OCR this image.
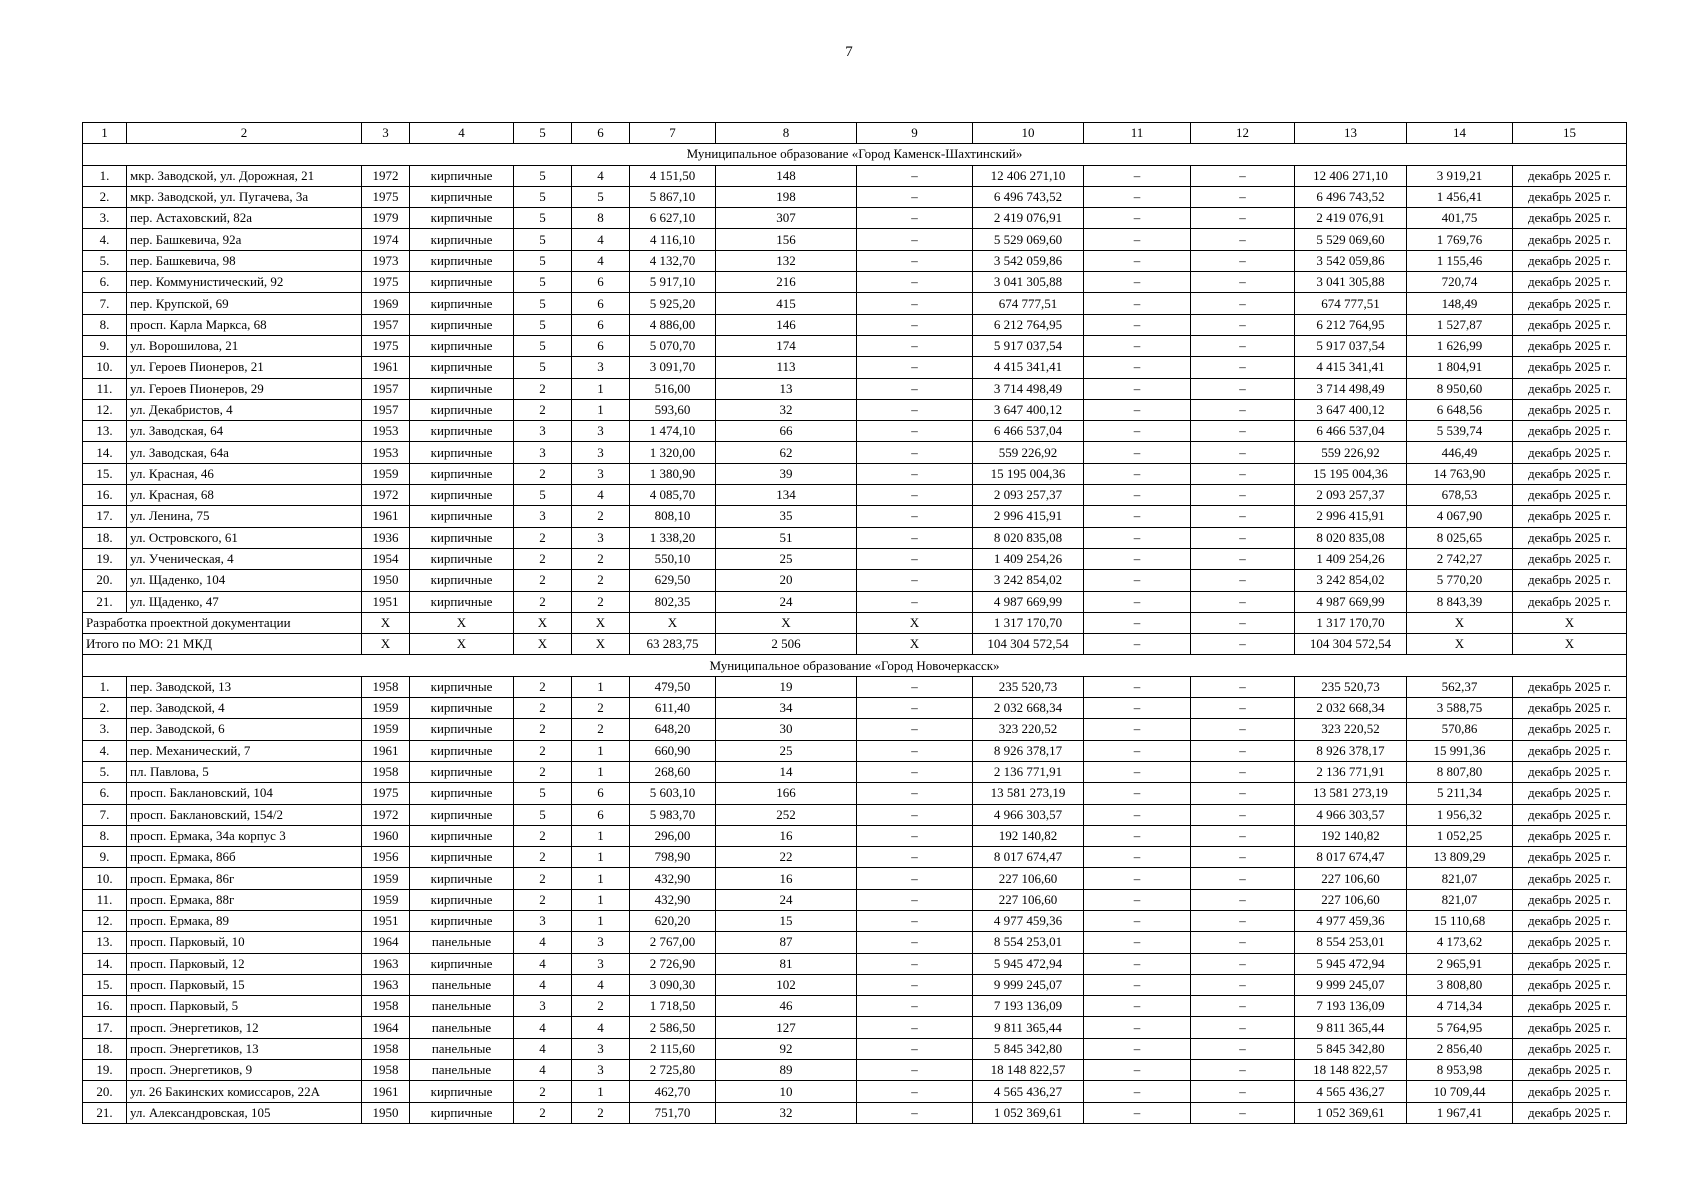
7
1	2	3	4	5	6	7	8	9	10	11	12	13	14	15
Муниципальное образование «Город Каменск-Шахтинский»														
1.	мкр. Заводской, ул. Дорожная, 21	1972	кирпичные	5	4	4 151,50	148	–	12 406 271,10	–	–	12 406 271,10	3 919,21	декабрь 2025 г.
2.	мкр. Заводской, ул. Пугачева, 3а	1975	кирпичные	5	5	5 867,10	198	–	6 496 743,52	–	–	6 496 743,52	1 456,41	декабрь 2025 г.
3.	пер. Астаховский, 82а	1979	кирпичные	5	8	6 627,10	307	–	2 419 076,91	–	–	2 419 076,91	401,75	декабрь 2025 г.
4.	пер. Башкевича, 92а	1974	кирпичные	5	4	4 116,10	156	–	5 529 069,60	–	–	5 529 069,60	1 769,76	декабрь 2025 г.
5.	пер. Башкевича, 98	1973	кирпичные	5	4	4 132,70	132	–	3 542 059,86	–	–	3 542 059,86	1 155,46	декабрь 2025 г.
6.	пер. Коммунистический, 92	1975	кирпичные	5	6	5 917,10	216	–	3 041 305,88	–	–	3 041 305,88	720,74	декабрь 2025 г.
7.	пер. Крупской, 69	1969	кирпичные	5	6	5 925,20	415	–	674 777,51	–	–	674 777,51	148,49	декабрь 2025 г.
8.	просп. Карла Маркса, 68	1957	кирпичные	5	6	4 886,00	146	–	6 212 764,95	–	–	6 212 764,95	1 527,87	декабрь 2025 г.
9.	ул. Ворошилова, 21	1975	кирпичные	5	6	5 070,70	174	–	5 917 037,54	–	–	5 917 037,54	1 626,99	декабрь 2025 г.
10.	ул. Героев Пионеров, 21	1961	кирпичные	5	3	3 091,70	113	–	4 415 341,41	–	–	4 415 341,41	1 804,91	декабрь 2025 г.
11.	ул. Героев Пионеров, 29	1957	кирпичные	2	1	516,00	13	–	3 714 498,49	–	–	3 714 498,49	8 950,60	декабрь 2025 г.
12.	ул. Декабристов, 4	1957	кирпичные	2	1	593,60	32	–	3 647 400,12	–	–	3 647 400,12	6 648,56	декабрь 2025 г.
13.	ул. Заводская, 64	1953	кирпичные	3	3	1 474,10	66	–	6 466 537,04	–	–	6 466 537,04	5 539,74	декабрь 2025 г.
14.	ул. Заводская, 64а	1953	кирпичные	3	3	1 320,00	62	–	559 226,92	–	–	559 226,92	446,49	декабрь 2025 г.
15.	ул. Красная, 46	1959	кирпичные	2	3	1 380,90	39	–	15 195 004,36	–	–	15 195 004,36	14 763,90	декабрь 2025 г.
16.	ул. Красная, 68	1972	кирпичные	5	4	4 085,70	134	–	2 093 257,37	–	–	2 093 257,37	678,53	декабрь 2025 г.
17.	ул. Ленина, 75	1961	кирпичные	3	2	808,10	35	–	2 996 415,91	–	–	2 996 415,91	4 067,90	декабрь 2025 г.
18.	ул. Островского, 61	1936	кирпичные	2	3	1 338,20	51	–	8 020 835,08	–	–	8 020 835,08	8 025,65	декабрь 2025 г.
19.	ул. Ученическая, 4	1954	кирпичные	2	2	550,10	25	–	1 409 254,26	–	–	1 409 254,26	2 742,27	декабрь 2025 г.
20.	ул. Щаденко, 104	1950	кирпичные	2	2	629,50	20	–	3 242 854,02	–	–	3 242 854,02	5 770,20	декабрь 2025 г.
21.	ул. Щаденко, 47	1951	кирпичные	2	2	802,35	24	–	4 987 669,99	–	–	4 987 669,99	8 843,39	декабрь 2025 г.
Разработка проектной документации		X	X	X	X	X	X	X	1 317 170,70	–	–	1 317 170,70	X	X
Итого по МО: 21 МКД		X	X	X	X	63 283,75	2 506	X	104 304 572,54	–	–	104 304 572,54	X	X
Муниципальное образование «Город Новочеркасск»														
1.	пер. Заводской, 13	1958	кирпичные	2	1	479,50	19	–	235 520,73	–	–	235 520,73	562,37	декабрь 2025 г.
2.	пер. Заводской, 4	1959	кирпичные	2	2	611,40	34	–	2 032 668,34	–	–	2 032 668,34	3 588,75	декабрь 2025 г.
3.	пер. Заводской, 6	1959	кирпичные	2	2	648,20	30	–	323 220,52	–	–	323 220,52	570,86	декабрь 2025 г.
4.	пер. Механический, 7	1961	кирпичные	2	1	660,90	25	–	8 926 378,17	–	–	8 926 378,17	15 991,36	декабрь 2025 г.
5.	пл. Павлова, 5	1958	кирпичные	2	1	268,60	14	–	2 136 771,91	–	–	2 136 771,91	8 807,80	декабрь 2025 г.
6.	просп. Баклановский, 104	1975	кирпичные	5	6	5 603,10	166	–	13 581 273,19	–	–	13 581 273,19	5 211,34	декабрь 2025 г.
7.	просп. Баклановский, 154/2	1972	кирпичные	5	6	5 983,70	252	–	4 966 303,57	–	–	4 966 303,57	1 956,32	декабрь 2025 г.
8.	просп. Ермака, 34а корпус 3	1960	кирпичные	2	1	296,00	16	–	192 140,82	–	–	192 140,82	1 052,25	декабрь 2025 г.
9.	просп. Ермака, 86б	1956	кирпичные	2	1	798,90	22	–	8 017 674,47	–	–	8 017 674,47	13 809,29	декабрь 2025 г.
10.	просп. Ермака, 86г	1959	кирпичные	2	1	432,90	16	–	227 106,60	–	–	227 106,60	821,07	декабрь 2025 г.
11.	просп. Ермака, 88г	1959	кирпичные	2	1	432,90	24	–	227 106,60	–	–	227 106,60	821,07	декабрь 2025 г.
12.	просп. Ермака, 89	1951	кирпичные	3	1	620,20	15	–	4 977 459,36	–	–	4 977 459,36	15 110,68	декабрь 2025 г.
13.	просп. Парковый, 10	1964	панельные	4	3	2 767,00	87	–	8 554 253,01	–	–	8 554 253,01	4 173,62	декабрь 2025 г.
14.	просп. Парковый, 12	1963	кирпичные	4	3	2 726,90	81	–	5 945 472,94	–	–	5 945 472,94	2 965,91	декабрь 2025 г.
15.	просп. Парковый, 15	1963	панельные	4	4	3 090,30	102	–	9 999 245,07	–	–	9 999 245,07	3 808,80	декабрь 2025 г.
16.	просп. Парковый, 5	1958	панельные	3	2	1 718,50	46	–	7 193 136,09	–	–	7 193 136,09	4 714,34	декабрь 2025 г.
17.	просп. Энергетиков, 12	1964	панельные	4	4	2 586,50	127	–	9 811 365,44	–	–	9 811 365,44	5 764,95	декабрь 2025 г.
18.	просп. Энергетиков, 13	1958	панельные	4	3	2 115,60	92	–	5 845 342,80	–	–	5 845 342,80	2 856,40	декабрь 2025 г.
19.	просп. Энергетиков, 9	1958	панельные	4	3	2 725,80	89	–	18 148 822,57	–	–	18 148 822,57	8 953,98	декабрь 2025 г.
20.	ул. 26 Бакинских комиссаров, 22А	1961	кирпичные	2	1	462,70	10	–	4 565 436,27	–	–	4 565 436,27	10 709,44	декабрь 2025 г.
21.	ул. Александровская, 105	1950	кирпичные	2	2	751,70	32	–	1 052 369,61	–	–	1 052 369,61	1 967,41	декабрь 2025 г.
